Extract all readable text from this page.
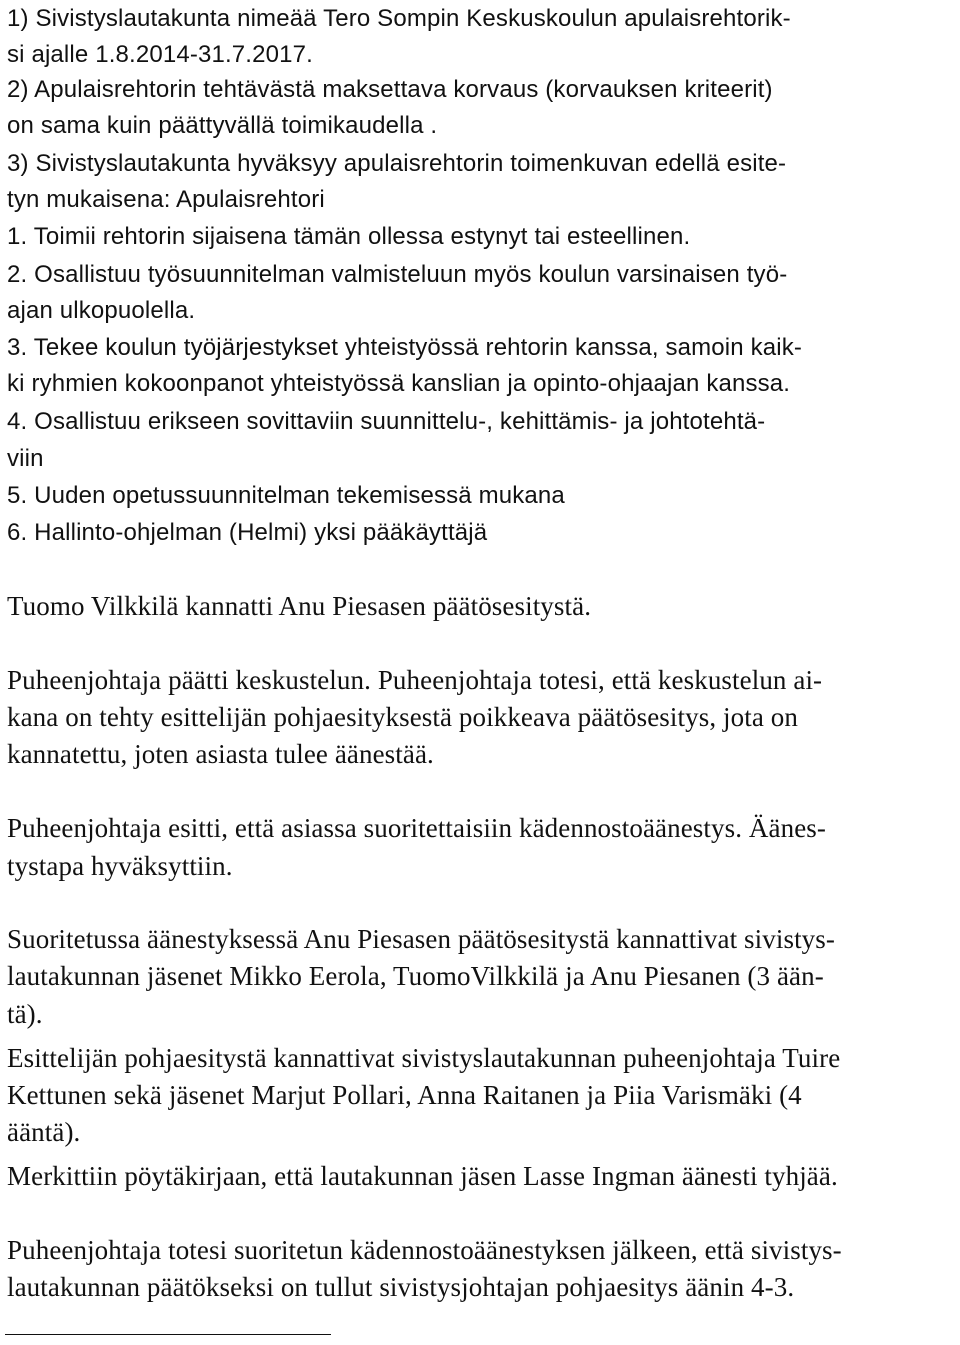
1) Sivistyslautakunta nimeää Tero Sompin Keskuskoulun apulaisrehtorik-
si ajalle 1.8.2014-31.7.2017.
2) Apulaisrehtorin tehtävästä maksettava korvaus (korvauksen kriteerit)
on sama kuin päättyvällä toimikaudella .
3) Sivistyslautakunta hyväksyy apulaisrehtorin toimenkuvan edellä esite-
tyn mukaisena: Apulaisrehtori
1. Toimii rehtorin sijaisena tämän ollessa estynyt tai esteellinen.
2. Osallistuu työsuunnitelman valmisteluun myös koulun varsinaisen työ-
ajan ulkopuolella.
3. Tekee koulun työjärjestykset yhteistyössä rehtorin kanssa, samoin kaik-
ki ryhmien kokoonpanot yhteistyössä kanslian ja opinto-ohjaajan kanssa.
4. Osallistuu erikseen sovittaviin suunnittelu-, kehittämis- ja johtotehtä-
viin
5. Uuden opetussuunnitelman tekemisessä mukana
6. Hallinto-ohjelman (Helmi) yksi pääkäyttäjä
Tuomo Vilkkilä kannatti Anu Piesasen päätösesitystä.
Puheenjohtaja päätti keskustelun. Puheenjohtaja totesi, että keskustelun ai-
kana on tehty esittelijän pohjaesityksestä poikkeava päätösesitys, jota on
kannatettu, joten asiasta tulee äänestää.
Puheenjohtaja esitti, että asiassa suoritettaisiin kädennostoäänestys. Äänes-
tystapa hyväksyttiin.
Suoritetussa äänestyksessä Anu Piesasen päätösesitystä kannattivat sivistys-
lautakunnan jäsenet Mikko Eerola, TuomoVilkkilä ja Anu Piesanen (3 ään-
tä).
Esittelijän pohjaesitystä kannattivat sivistyslautakunnan puheenjohtaja Tuire
Kettunen sekä jäsenet Marjut Pollari, Anna Raitanen ja Piia Varismäki (4
ääntä).
Merkittiin pöytäkirjaan, että lautakunnan jäsen Lasse Ingman äänesti tyhjää.
Puheenjohtaja totesi suoritetun kädennostoäänestyksen jälkeen, että sivistys-
lautakunnan päätökseksi on tullut sivistysjohtajan pohjaesitys äänin 4-3.
